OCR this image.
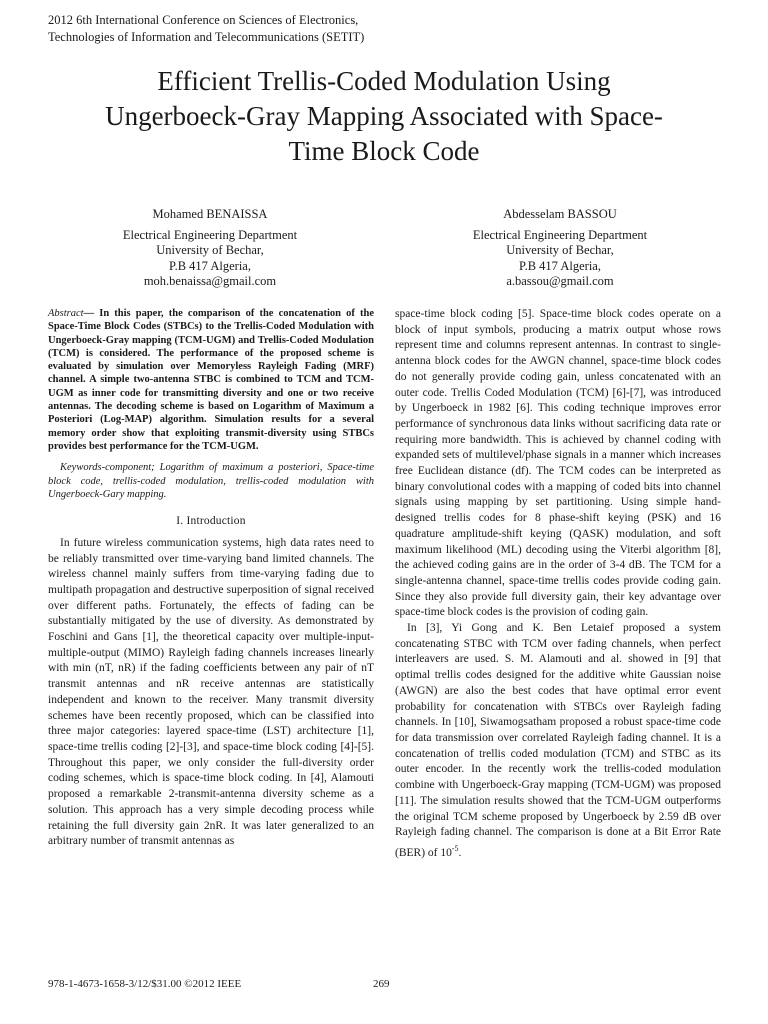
2012 6th International Conference on Sciences of Electronics,
Technologies of Information and Telecommunications (SETIT)
Efficient Trellis-Coded Modulation Using
Ungerboeck-Gray Mapping Associated with Space-
Time Block Code
Mohamed BENAISSA
Electrical Engineering Department
University of Bechar,
P.B 417 Algeria,
moh.benaissa@gmail.com
Abdesselam BASSOU
Electrical Engineering Department
University of Bechar,
P.B 417 Algeria,
a.bassou@gmail.com

Abstract— In this paper, the comparison of the concatenation of the Space-Time Block Codes (STBCs) to the Trellis-Coded Modulation with Ungerboeck-Gray mapping (TCM-UGM) and Trellis-Coded Modulation (TCM) is considered. The performance of the proposed scheme is evaluated by simulation over Memoryless Rayleigh Fading (MRF) channel. A simple two-antenna STBC is combined to TCM and TCM-UGM as inner code for transmitting diversity and one or two receive antennas. The decoding scheme is based on Logarithm of Maximum a Posteriori (Log-MAP) algorithm. Simulation results for a several memory order show that exploiting transmit-diversity using STBCs provides best performance for the TCM-UGM.

Keywords-component; Logarithm of maximum a posteriori, Space-time block code, trellis-coded modulation, trellis-coded modulation with Ungerboeck-Gary mapping.

I. Introduction

In future wireless communication systems, high data rates need to be reliably transmitted over time-varying band limited channels. The wireless channel mainly suffers from time-varying fading due to multipath propagation and destructive superposition of signal received over different paths. Fortunately, the effects of fading can be substantially mitigated by the use of diversity. As demonstrated by Foschini and Gans [1], the theoretical capacity over multiple-input-multiple-output (MIMO) Rayleigh fading channels increases linearly with min (nT, nR) if the fading coefficients between any pair of nT transmit antennas and nR receive antennas are statistically independent and known to the receiver. Many transmit diversity schemes have been recently proposed, which can be classified into three major categories: layered space-time (LST) architecture [1], space-time trellis coding [2]-[3], and space-time block coding [4]-[5]. Throughout this paper, we only consider the full-diversity order coding schemes, which is space-time block coding. In [4], Alamouti proposed a remarkable 2-transmit-antenna diversity scheme as a solution. This approach has a very simple decoding process while retaining the full diversity gain 2nR. It was later generalized to an arbitrary number of transmit antennas as

space-time block coding [5]. Space-time block codes operate on a block of input symbols, producing a matrix output whose rows represent time and columns represent antennas. In contrast to single-antenna block codes for the AWGN channel, space-time block codes do not generally provide coding gain, unless concatenated with an outer code. Trellis Coded Modulation (TCM) [6]-[7], was introduced by Ungerboeck in 1982 [6]. This coding technique improves error performance of synchronous data links without sacrificing data rate or requiring more bandwidth. This is achieved by channel coding with expanded sets of multilevel/phase signals in a manner which increases free Euclidean distance (df). The TCM codes can be interpreted as binary convolutional codes with a mapping of coded bits into channel signals using mapping by set partitioning. Using simple hand-designed trellis codes for 8 phase-shift keying (PSK) and 16 quadrature amplitude-shift keying (QASK) modulation, and soft maximum likelihood (ML) decoding using the Viterbi algorithm [8], the achieved coding gains are in the order of 3-4 dB. The TCM for a single-antenna channel, space-time trellis codes provide coding gain. Since they also provide full diversity gain, their key advantage over space-time block codes is the provision of coding gain.

In [3], Yi Gong and K. Ben Letaief proposed a system concatenating STBC with TCM over fading channels, when perfect interleavers are used. S. M. Alamouti and al. showed in [9] that optimal trellis codes designed for the additive white Gaussian noise (AWGN) are also the best codes that have optimal error event probability for concatenation with STBCs over Rayleigh fading channels. In [10], Siwamogsatham proposed a robust space-time code for data transmission over correlated Rayleigh fading channel. It is a concatenation of trellis coded modulation (TCM) and STBC as its outer encoder. In the recently work the trellis-coded modulation combine with Ungerboeck-Gray mapping (TCM-UGM) was proposed [11]. The simulation results showed that the TCM-UGM outperforms the original TCM scheme proposed by Ungerboeck by 2.59 dB over Rayleigh fading channel. The comparison is done at a Bit Error Rate (BER) of $10^{-5}$.

978-1-4673-1658-3/12/$31.00 ©2012 IEEE	269
